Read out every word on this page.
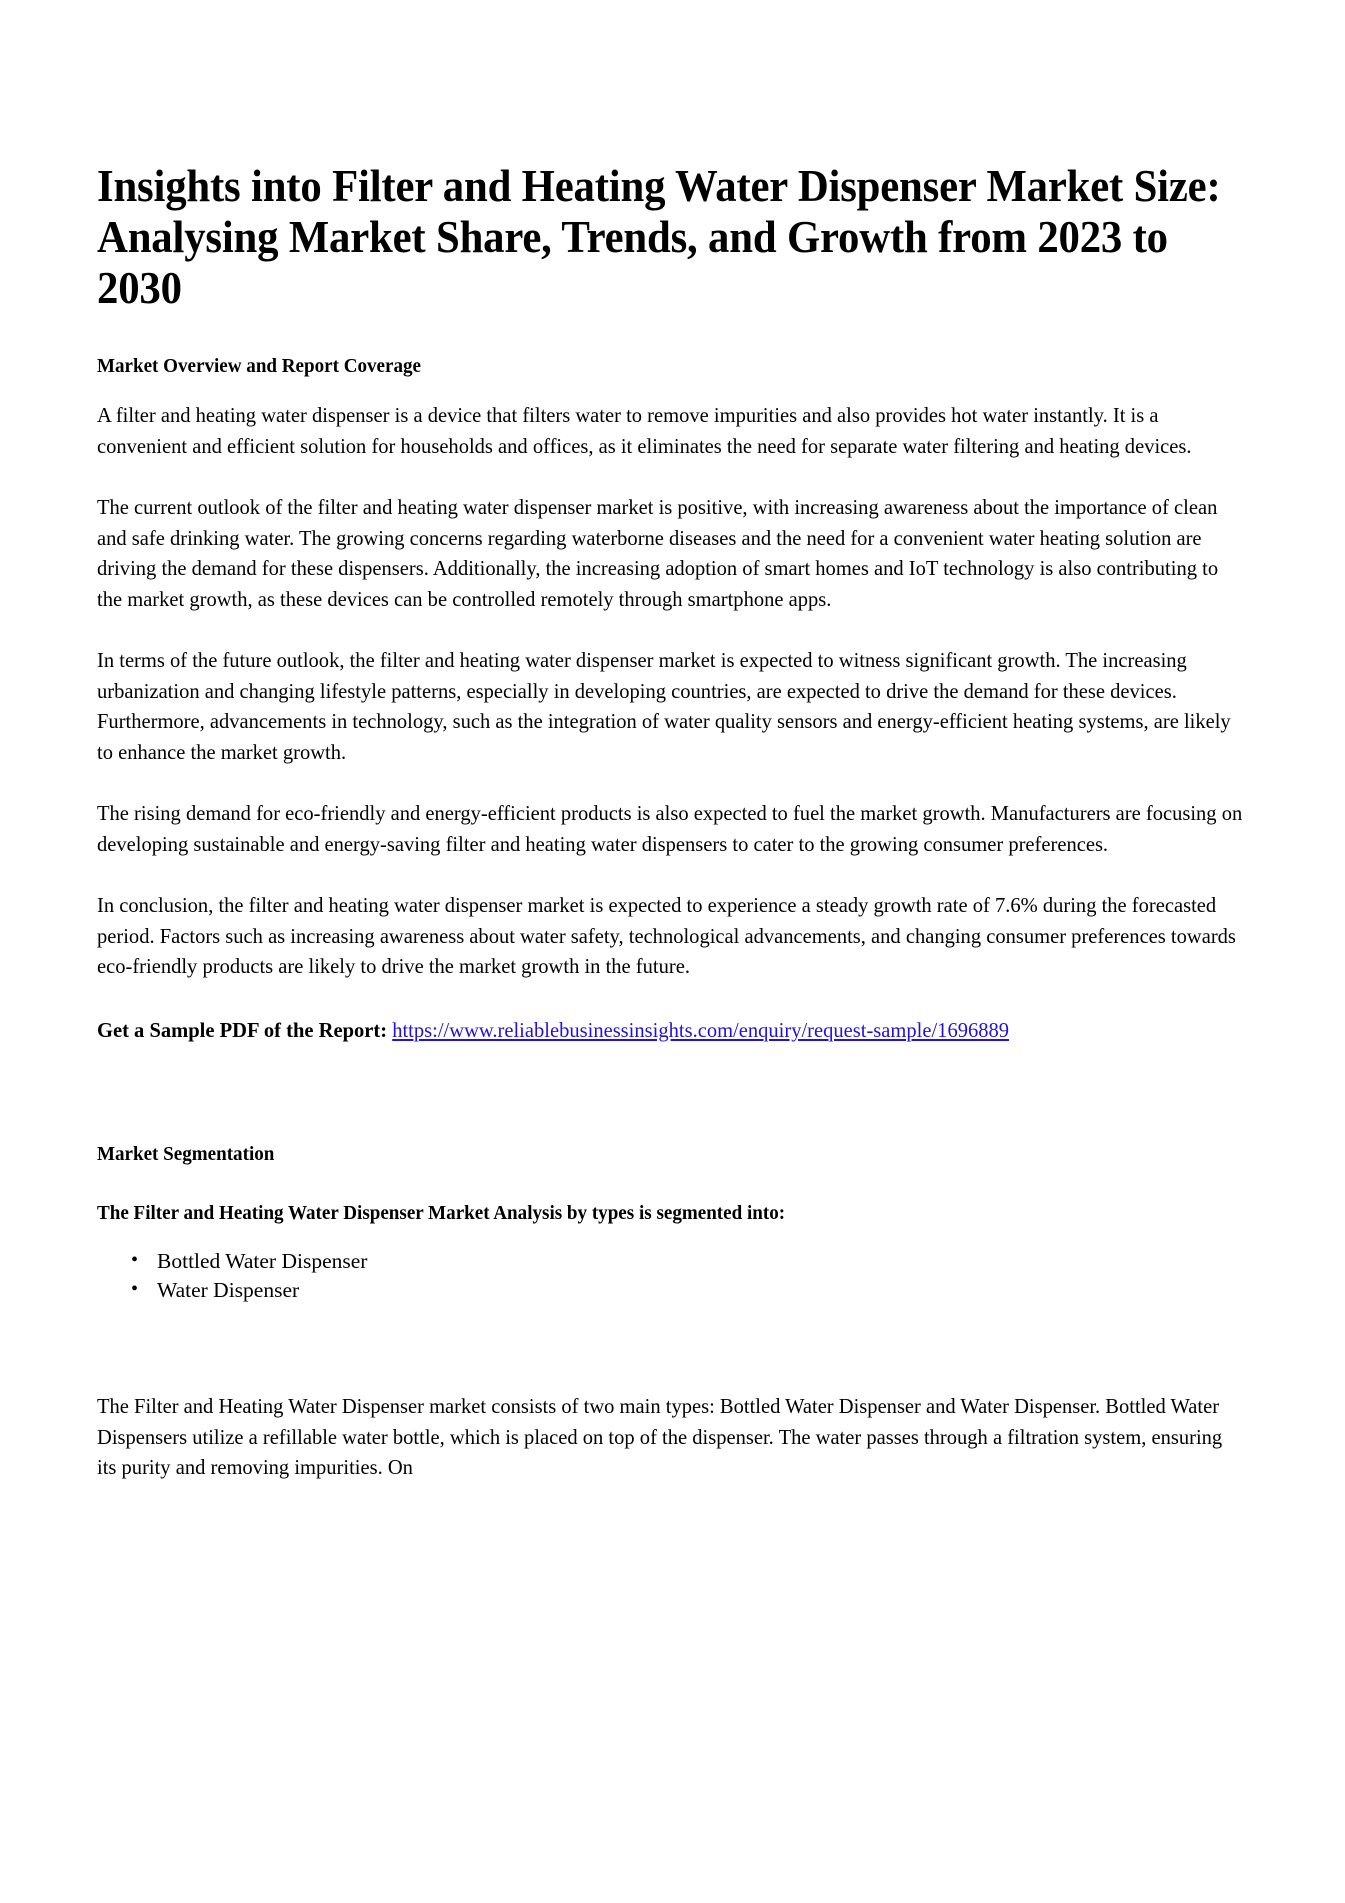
Insights into Filter and Heating Water Dispenser Market Size: Analysing Market Share, Trends, and Growth from 2023 to 2030
Market Overview and Report Coverage

A filter and heating water dispenser is a device that filters water to remove impurities and also provides hot water instantly. It is a convenient and efficient solution for households and offices, as it eliminates the need for separate water filtering and heating devices.

The current outlook of the filter and heating water dispenser market is positive, with increasing awareness about the importance of clean and safe drinking water. The growing concerns regarding waterborne diseases and the need for a convenient water heating solution are driving the demand for these dispensers. Additionally, the increasing adoption of smart homes and IoT technology is also contributing to the market growth, as these devices can be controlled remotely through smartphone apps.

In terms of the future outlook, the filter and heating water dispenser market is expected to witness significant growth. The increasing urbanization and changing lifestyle patterns, especially in developing countries, are expected to drive the demand for these devices. Furthermore, advancements in technology, such as the integration of water quality sensors and energy-efficient heating systems, are likely to enhance the market growth.

The rising demand for eco-friendly and energy-efficient products is also expected to fuel the market growth. Manufacturers are focusing on developing sustainable and energy-saving filter and heating water dispensers to cater to the growing consumer preferences.

In conclusion, the filter and heating water dispenser market is expected to experience a steady growth rate of 7.6% during the forecasted period. Factors such as increasing awareness about water safety, technological advancements, and changing consumer preferences towards eco-friendly products are likely to drive the market growth in the future.

Get a Sample PDF of the Report: https://www.reliablebusinessinsights.com/enquiry/request-sample/1696889

Market Segmentation
The Filter and Heating Water Dispenser Market Analysis by types is segmented into:
• Bottled Water Dispenser
• Water Dispenser

The Filter and Heating Water Dispenser market consists of two main types: Bottled Water Dispenser and Water Dispenser. Bottled Water Dispensers utilize a refillable water bottle, which is placed on top of the dispenser. The water passes through a filtration system, ensuring its purity and removing impurities. On
